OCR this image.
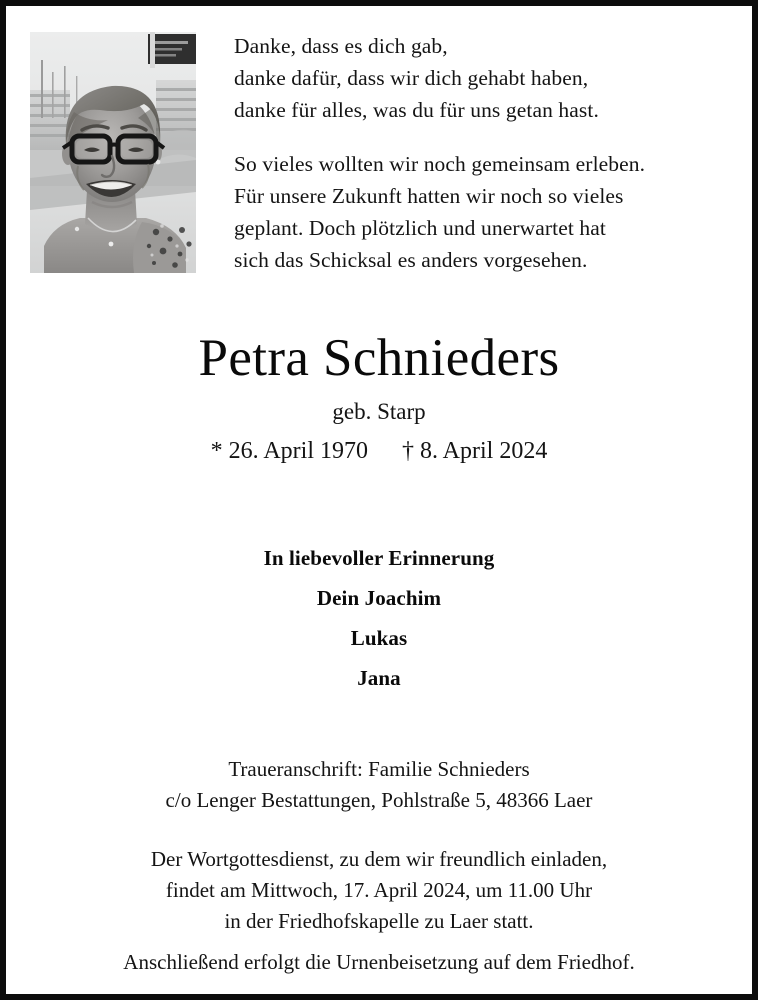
Danke, dass es dich gab,

danke dafür, dass wir dich gehabt haben,

danke für alles, was du für uns getan hast.

So vieles wollten wir noch gemeinsam erleben.

Für unsere Zukunft hatten wir noch so vieles

geplant. Doch plötzlich und unerwartet hat

sich das Schicksal es anders vorgesehen.

Petra Schnieders
geb. Starp
* 26. April 1970 † 8. April 2024
In liebevoller Erinnerung
Dein Joachim
Lukas
Jana
Traueranschrift: Familie Schnieders
c/o Lenger Bestattungen, Pohlstraße 5, 48366 Laer
Der Wortgottesdienst, zu dem wir freundlich einladen,
findet am Mittwoch, 17. April 2024, um 11.00 Uhr
in der Friedhofskapelle zu Laer statt.
Anschließend erfolgt die Urnenbeisetzung auf dem Friedhof.
